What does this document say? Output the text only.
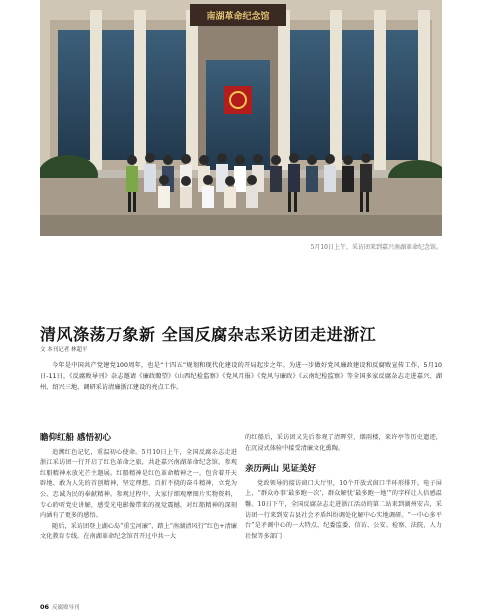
南湖革命纪念馆
5月10日上午，采访团来到嘉兴南湖革命纪念馆。
清风涤荡万象新 全国反腐杂志采访团走进浙江
文 本刊记者 林超平
今年是中国共产党建党100周年，也是“十四五”规划和现代化建设的开局起步之年。为进一步做好党风廉政建设和反腐败宣传工作，5月10日-11日，《反腐败导刊》杂志邀请《廉政瞭望》《山西纪检监察》《党风月报》《党风与廉政》《云南纪检监察》等全国多家反腐杂志走进嘉兴、湖州、绍兴三地，调研采访清廉浙江建设的亮点工作。
瞻仰红船 感悟初心

追溯红色记忆，重温初心使命。5月10日上午，全国反腐杂志走进浙江采访团一行开启了红色革命之旅，共赴嘉兴南湖革命纪念馆，参观红船精神永放光芒主题展。红船精神是红色革命精神之一，包含着开天辟地、敢为人先的首创精神，坚定理想、百折不挠的奋斗精神，立党为公、忠诚为民的奉献精神。参观过程中，大家仔细观摩图片实物资料，专心聆听党史讲解，感受光电影像带来的视觉震撼，对红船精神的深刻内涵有了更多的感悟。

随后，采访团登上湖心岛“重宝河廉”，踏上“南湖清风行”红色+清廉文化教育专线。在南湖革命纪念馆召开过中共一大

的红船后，采访团又先后参观了清晖堂、烟雨楼，来许亭等历史遗迹，在沉浸式体验中接受清廉文化熏陶。

亲历两山 见证美好

党政领导的接访窗口大厅里，10个开放式窗口半环形排开。电子屏上，“群众办事‘最多跑一次’，群众解忧‘最多跑一地’”的字样让人倍感温馨。10日下午，全国反腐杂志走进浙江活动的第二站来到湖州安吉，采访团一行来到安吉县社会矛盾纠纷调处化解中心实地调研。“一中心多平台”是矛调中心的一大特点，纪委监委、信访、公安、检察、法院、人力社保等多部门

06 反腐败导刊
